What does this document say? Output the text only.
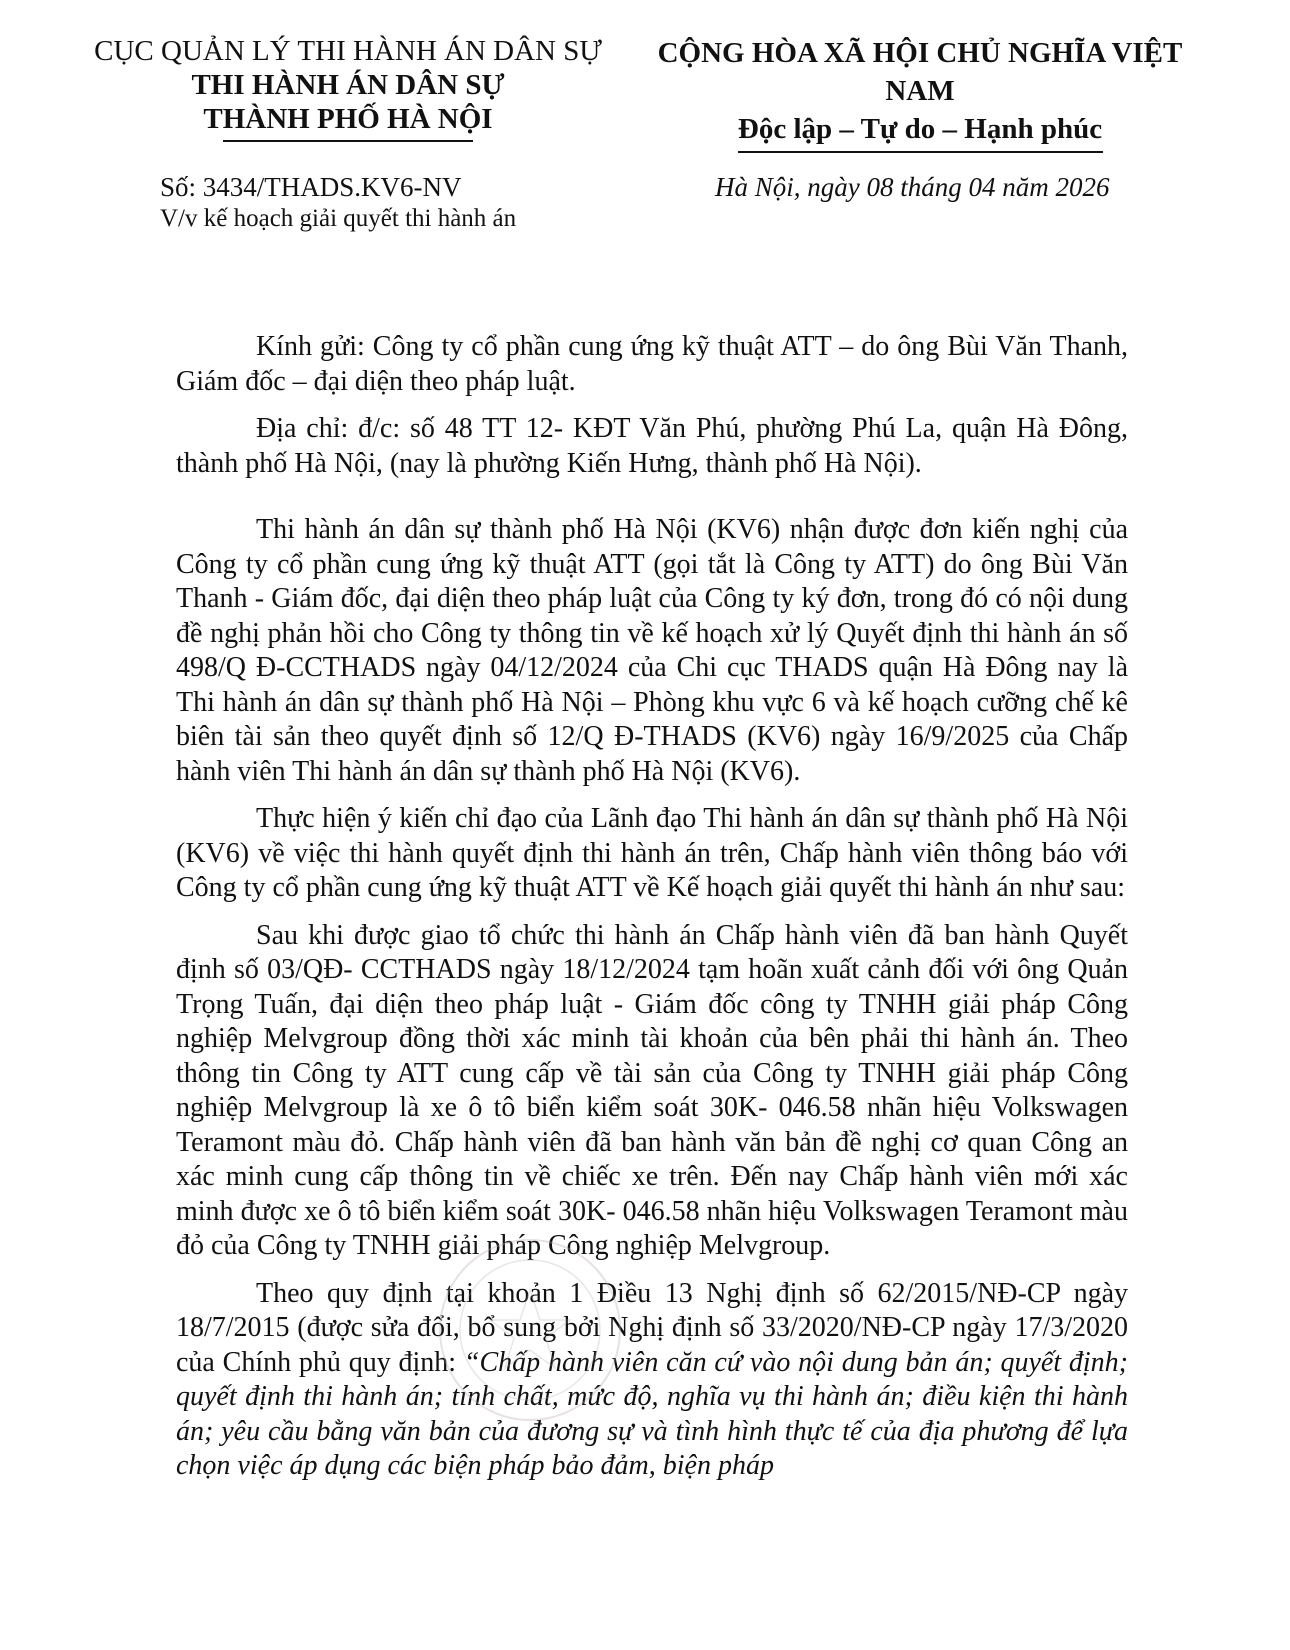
CỤC QUẢN LÝ THI HÀNH ÁN DÂN SỰ
THI HÀNH ÁN DÂN SỰ
THÀNH PHỐ HÀ NỘI
CỘNG HÒA XÃ HỘI CHỦ NGHĨA VIỆT NAM
Độc lập – Tự do – Hạnh phúc
Số: 3434/THADS.KV6-NV
V/v kế hoạch giải quyết thi hành án
Hà Nội, ngày 08 tháng 04 năm 2026

Kính gửi: Công ty cổ phần cung ứng kỹ thuật ATT – do ông Bùi Văn Thanh, Giám đốc – đại diện theo pháp luật.

Địa chỉ: đ/c: số 48 TT 12- KĐT Văn Phú, phường Phú La, quận Hà Đông, thành phố Hà Nội, (nay là phường Kiến Hưng, thành phố Hà Nội).

Thi hành án dân sự thành phố Hà Nội (KV6) nhận được đơn kiến nghị của Công ty cổ phần cung ứng kỹ thuật ATT (gọi tắt là Công ty ATT) do ông Bùi Văn Thanh - Giám đốc, đại diện theo pháp luật của Công ty ký đơn, trong đó có nội dung đề nghị phản hồi cho Công ty thông tin về kế hoạch xử lý Quyết định thi hành án số 498/Q Đ-CCTHADS ngày 04/12/2024 của Chi cục THADS quận Hà Đông nay là Thi hành án dân sự thành phố Hà Nội – Phòng khu vực 6 và kế hoạch cưỡng chế kê biên tài sản theo quyết định số 12/Q Đ-THADS (KV6) ngày 16/9/2025 của Chấp hành viên Thi hành án dân sự thành phố Hà Nội (KV6).

Thực hiện ý kiến chỉ đạo của Lãnh đạo Thi hành án dân sự thành phố Hà Nội (KV6) về việc thi hành quyết định thi hành án trên, Chấp hành viên thông báo với Công ty cổ phần cung ứng kỹ thuật ATT về Kế hoạch giải quyết thi hành án như sau:

Sau khi được giao tổ chức thi hành án Chấp hành viên đã ban hành Quyết định số 03/QĐ- CCTHADS ngày 18/12/2024 tạm hoãn xuất cảnh đối với ông Quản Trọng Tuấn, đại diện theo pháp luật - Giám đốc công ty TNHH giải pháp Công nghiệp Melvgroup đồng thời xác minh tài khoản của bên phải thi hành án. Theo thông tin Công ty ATT cung cấp về tài sản của Công ty TNHH giải pháp Công nghiệp Melvgroup là xe ô tô biển kiểm soát 30K- 046.58 nhãn hiệu Volkswagen Teramont màu đỏ. Chấp hành viên đã ban hành văn bản đề nghị cơ quan Công an xác minh cung cấp thông tin về chiếc xe trên. Đến nay Chấp hành viên mới xác minh được xe ô tô biển kiểm soát 30K- 046.58 nhãn hiệu Volkswagen Teramont màu đỏ của Công ty TNHH giải pháp Công nghiệp Melvgroup.

Theo quy định tại khoản 1 Điều 13 Nghị định số 62/2015/NĐ-CP ngày 18/7/2015 (được sửa đổi, bổ sung bởi Nghị định số 33/2020/NĐ-CP ngày 17/3/2020 của Chính phủ quy định: “Chấp hành viên căn cứ vào nội dung bản án; quyết định; quyết định thi hành án; tính chất, mức độ, nghĩa vụ thi hành án; điều kiện thi hành án; yêu cầu bằng văn bản của đương sự và tình hình thực tế của địa phương để lựa chọn việc áp dụng các biện pháp bảo đảm, biện pháp
